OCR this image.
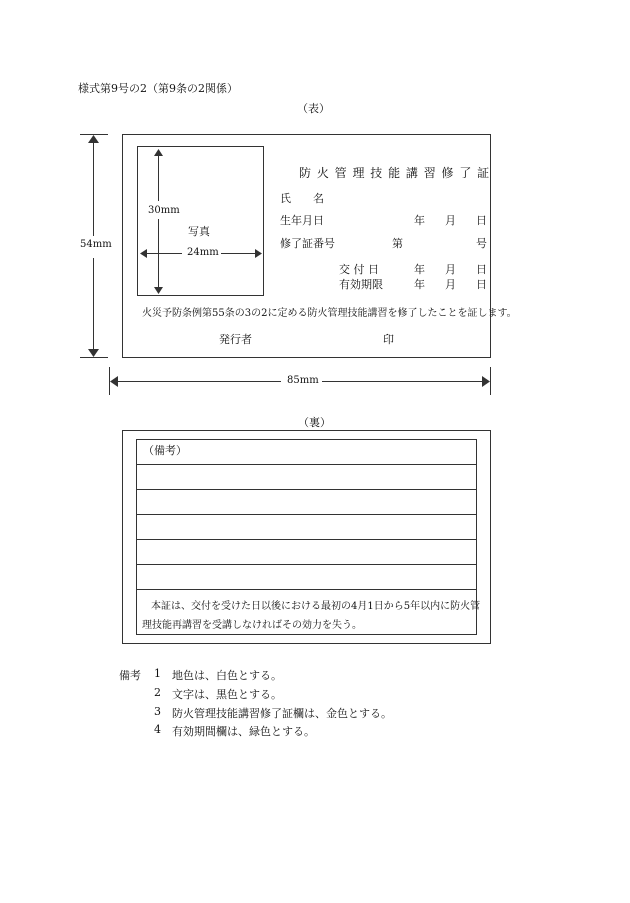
様式第9号の2（第9条の2関係）
（表）
54mm
30mm
24mm
写真
防 火 管 理 技 能 講 習 修 了 証
氏　　名
生年月日	年 月 日
修了証番号	第	号
交 付 日	年 月 日
有効期限	年 月 日
火災予防条例第55条の3の2に定める防火管理技能講習を修了したことを証します。
発行者	印
85mm
（裏）
（備考）
本証は、交付を受けた日以後における最初の4月1日から5年以内に防火管
理技能再講習を受講しなければその効力を失う。
備考 1 地色は、白色とする。
2 文字は、黒色とする。
3 防火管理技能講習修了証欄は、金色とする。
4 有効期間欄は、緑色とする。
